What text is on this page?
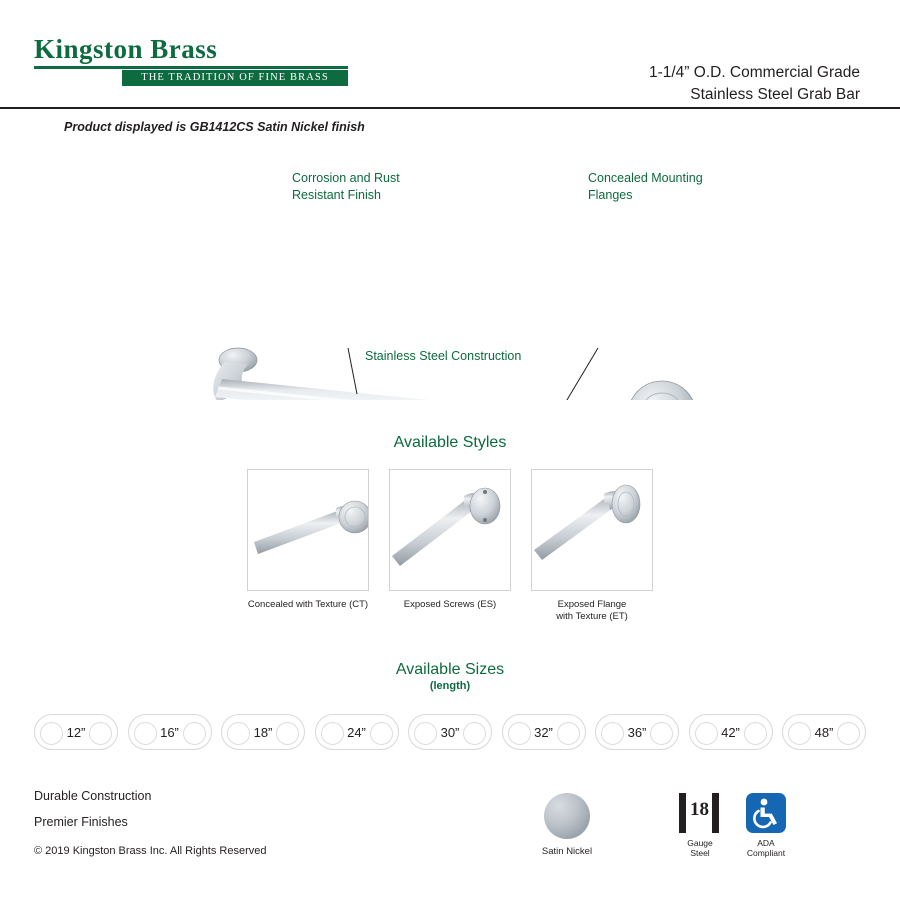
Kingston Brass
THE TRADITION OF FINE BRASS	1-1/4” O.D. Commercial Grade
Stainless Steel Grab Bar
Product displayed is GB1412CS Satin Nickel finish
Corrosion and Rust Resistant Finish
Concealed Mounting Flanges
Stainless Steel Construction
Available Styles
Concealed with Texture (CT)	Exposed Screws (ES)	Exposed Flange
with Texture (ET)
Available Sizes
(length)
12”	16”	18”	24”	30”	32”	36”	42”	48”
Durable Construction
Premier Finishes
© 2019 Kingston Brass Inc. All Rights Reserved	Satin Nickel
18
Gauge
Steel
ADA
Compliant
